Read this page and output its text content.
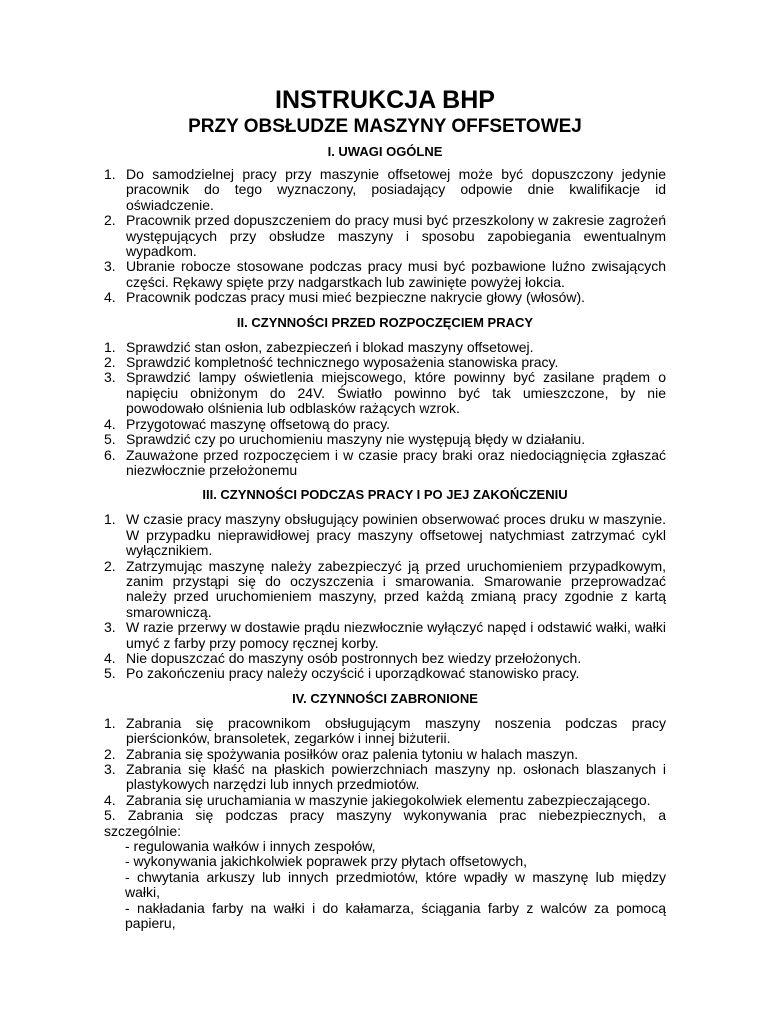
INSTRUKCJA BHP
PRZY OBSŁUDZE MASZYNY OFFSETOWEJ
I. UWAGI OGÓLNE
1. Do samodzielnej pracy przy maszynie offsetowej może być dopuszczony jedynie pracownik do tego wyznaczony, posiadający odpowie dnie kwalifikacje id oświadczenie.
2. Pracownik przed dopuszczeniem do pracy musi być przeszkolony w zakresie zagrożeń występujących przy obsłudze maszyny i sposobu zapobiegania ewentualnym wypadkom.
3. Ubranie robocze stosowane podczas pracy musi być pozbawione luźno zwisających części. Rękawy spięte przy nadgarstkach lub zawinięte powyżej łokcia.
4. Pracownik podczas pracy musi mieć bezpieczne nakrycie głowy (włosów).
II. CZYNNOŚCI PRZED ROZPOCZĘCIEM PRACY
1. Sprawdzić stan osłon, zabezpieczeń i blokad maszyny offsetowej.
2. Sprawdzić kompletność technicznego wyposażenia stanowiska pracy.
3. Sprawdzić lampy oświetlenia miejscowego, które powinny być zasilane prądem o napięciu obniżonym do 24V. Światło powinno być tak umieszczone, by nie powodowało olśnienia lub odblasków rażących wzrok.
4. Przygotować maszynę offsetową do pracy.
5. Sprawdzić czy po uruchomieniu maszyny nie występują błędy w działaniu.
6. Zauważone przed rozpoczęciem i w czasie pracy braki oraz niedociągnięcia zgłaszać niezwłocznie przełożonemu
III. CZYNNOŚCI PODCZAS PRACY I PO JEJ ZAKOŃCZENIU
1. W czasie pracy maszyny obsługujący powinien obserwować proces druku w maszynie. W przypadku nieprawidłowej pracy maszyny offsetowej natychmiast zatrzymać cykl wyłącznikiem.
2. Zatrzymując maszynę należy zabezpieczyć ją przed uruchomieniem przypadkowym, zanim przystąpi się do oczyszczenia i smarowania. Smarowanie przeprowadzać należy przed uruchomieniem maszyny, przed każdą zmianą pracy zgodnie z kartą smarowniczą.
3. W razie przerwy w dostawie prądu niezwłocznie wyłączyć napęd i odstawić wałki, wałki umyć z farby przy pomocy ręcznej korby.
4. Nie dopuszczać do maszyny osób postronnych bez wiedzy przełożonych.
5. Po zakończeniu pracy należy oczyścić i uporządkować stanowisko pracy.
IV. CZYNNOŚCI ZABRONIONE
1. Zabrania się pracownikom obsługującym maszyny noszenia podczas pracy pierścionków, bransoletek, zegarków i innej biżuterii.
2. Zabrania się spożywania posiłków oraz palenia tytoniu w halach maszyn.
3. Zabrania się kłaść na płaskich powierzchniach maszyny np. osłonach blaszanych i plastykowych narzędzi lub innych przedmiotów.
4. Zabrania się uruchamiania w maszynie jakiegokolwiek elementu zabezpieczającego.
5. Zabrania się podczas pracy maszyny wykonywania prac niebezpiecznych, a szczególnie:
- regulowania wałków i innych zespołów,
- wykonywania jakichkolwiek poprawek przy płytach offsetowych,
- chwytania arkuszy lub innych przedmiotów, które wpadły w maszynę lub między wałki,
- nakładania farby na wałki i do kałamarza, ściągania farby z walców za pomocą papieru,
